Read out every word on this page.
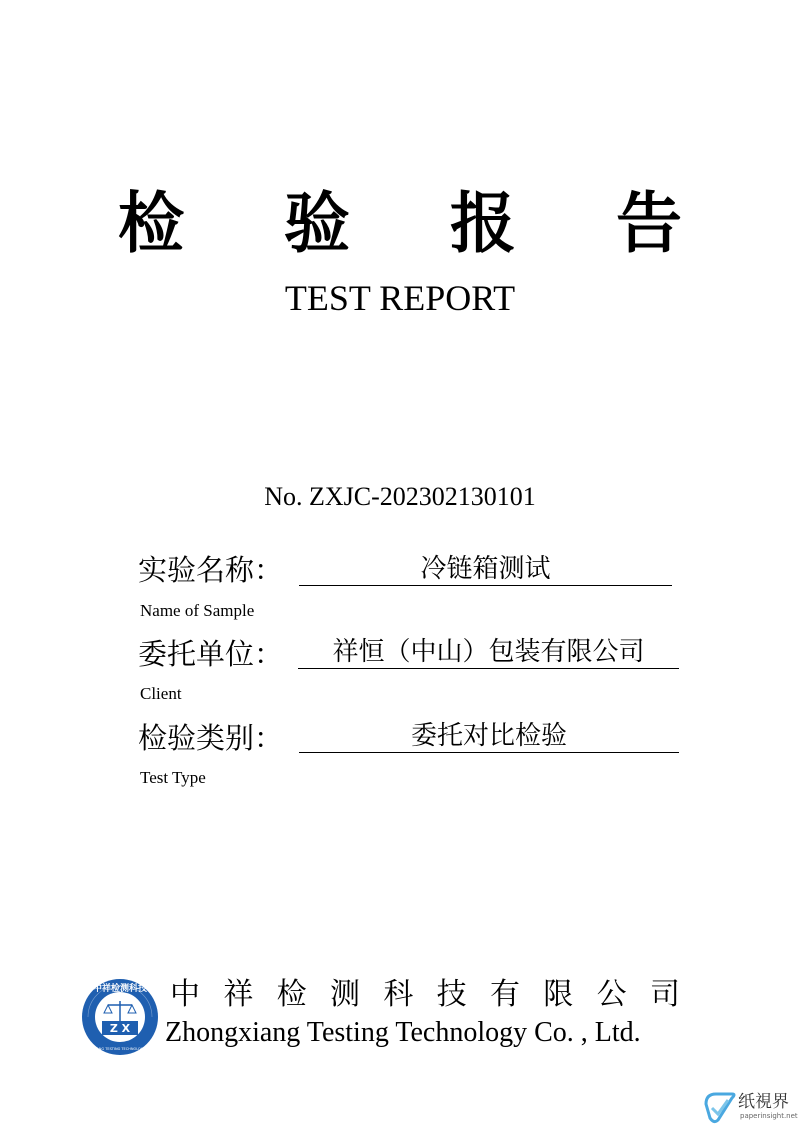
检 验 报 告
TEST REPORT
No. ZXJC-202302130101
实验名称：	冷链箱测试
Name of Sample
委托单位：	祥恒（中山）包装有限公司
Client
检验类别：	委托对比检验
Test Type
Z X
中祥检测科技
ZHONGXIANG TESTING TECHNOLOGY CO.,LTD
中 祥 检 测 科 技 有 限 公 司
Zhongxiang Testing Technology Co. , Ltd.
纸視界
paperinsight.net
